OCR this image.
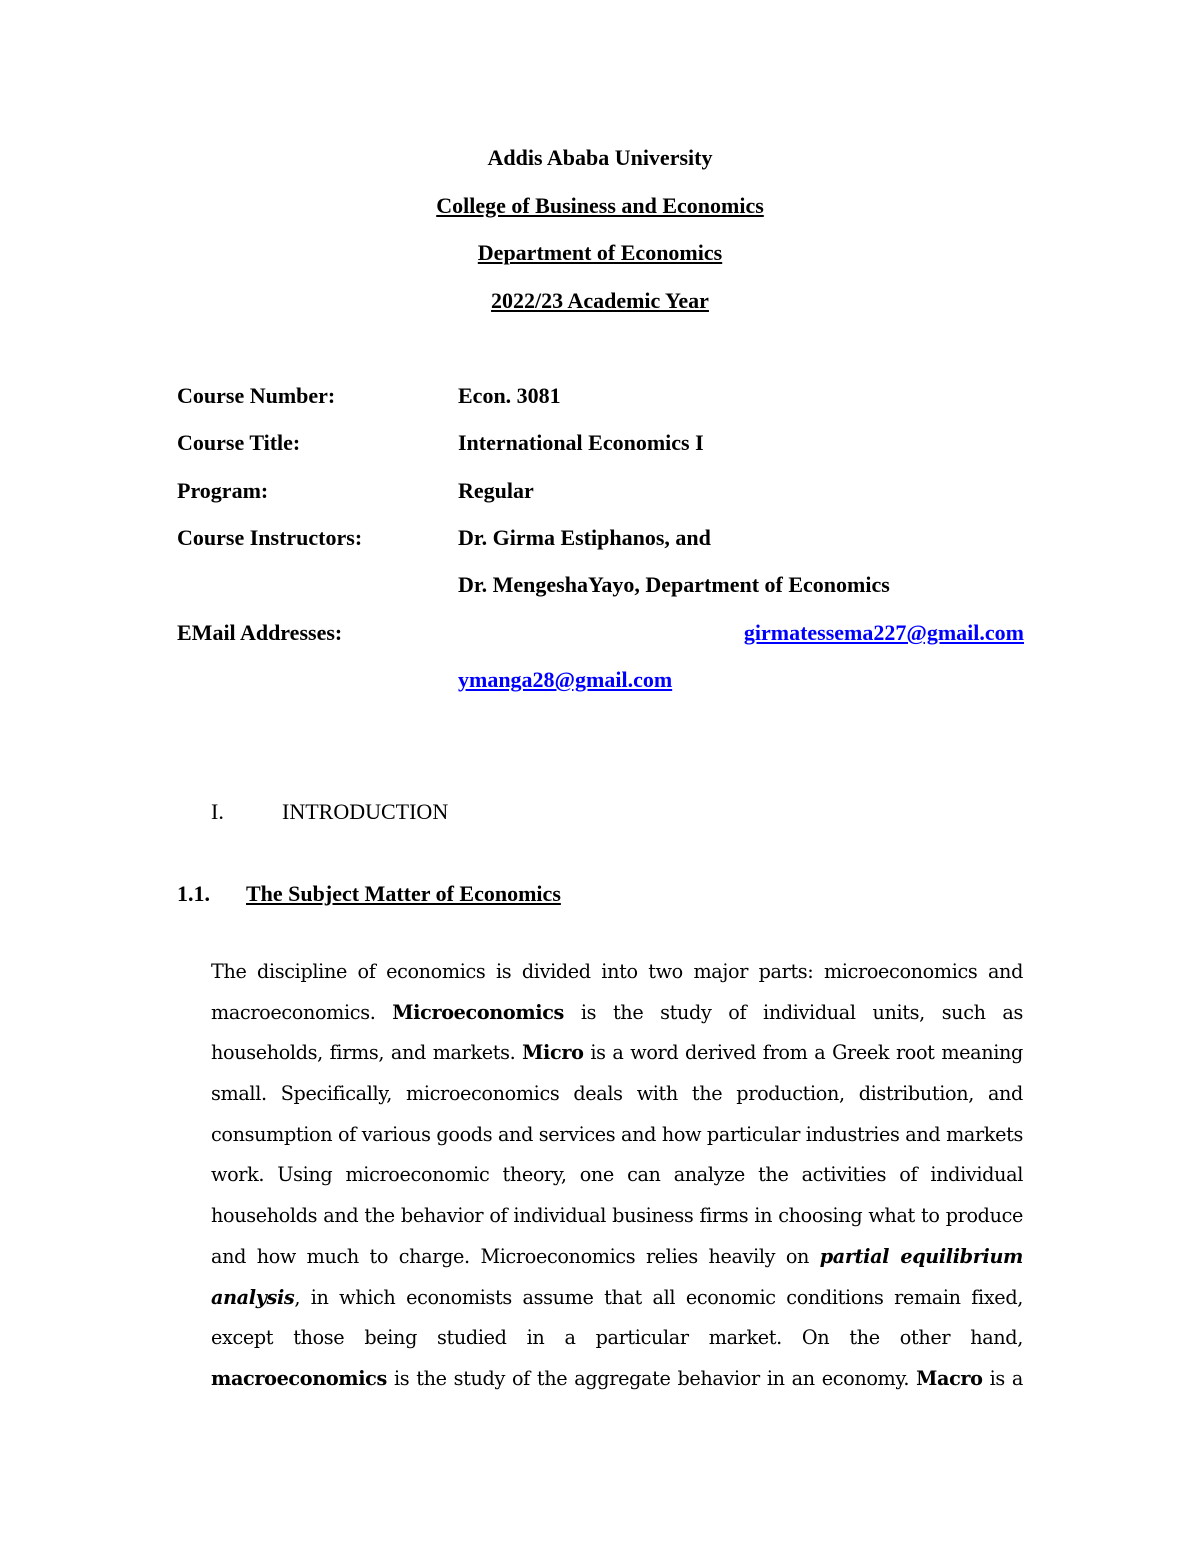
Addis Ababa University
College of Business and Economics
Department of Economics
2022/23 Academic Year
Course Number:	Econ. 3081
Course Title:	International Economics I
Program:	Regular
Course Instructors:	Dr. Girma Estiphanos, and
Dr. MengeshaYayo, Department of Economics
EMail Addresses:	girmatessema227@gmail.com
ymanga28@gmail.com
I.	INTRODUCTION
1.1. The Subject Matter of Economics
The discipline of economics is divided into two major parts: microeconomics and
macroeconomics. Microeconomics is the study of individual units, such as
households, firms, and markets. Micro is a word derived from a Greek root meaning
small. Specifically, microeconomics deals with the production, distribution, and
consumption of various goods and services and how particular industries and markets
work. Using microeconomic theory, one can analyze the activities of individual
households and the behavior of individual business firms in choosing what to produce
and how much to charge. Microeconomics relies heavily on partial equilibrium
analysis, in which economists assume that all economic conditions remain fixed,
except those being studied in a particular market. On the other hand,
macroeconomics is the study of the aggregate behavior in an economy. Macro is a
